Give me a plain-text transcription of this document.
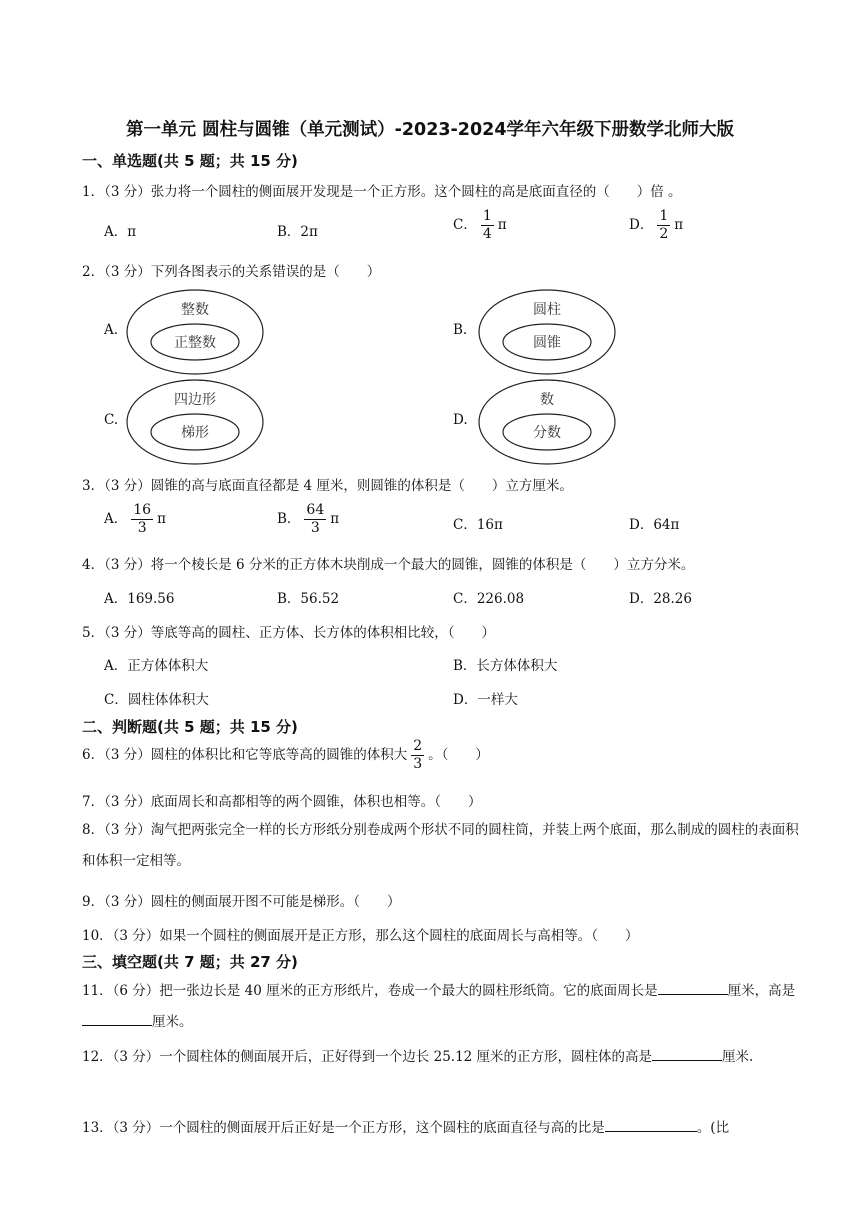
第一单元 圆柱与圆锥（单元测试）-2023-2024学年六年级下册数学北师大版
一、单选题(共 5 题；共 15 分)
1．（3 分）张力将一个圆柱的侧面展开发现是一个正方形。这个圆柱的高是底面直径的（　　）倍 。
A．π	B．2π	C． $\frac{1}{4}$ π	D． $\frac{1}{2}$ π
2．（3 分）下列各图表示的关系错误的是（　　）
A.
整数
正整数
B.
圆柱
圆锥
C.
四边形
梯形
D.
数
分数
3．（3 分）圆锥的高与底面直径都是 4 厘米，则圆锥的体积是（　　）立方厘米。
A． $\frac{16}{3}$ π	B． $\frac{64}{3}$ π	C．16π	D．64π
4．（3 分）将一个棱长是 6 分米的正方体木块削成一个最大的圆锥，圆锥的体积是（　　）立方分米。
A．169.56	B．56.52	C．226.08	D．28.26
5．（3 分）等底等高的圆柱、正方体、长方体的体积相比较，（　　）
A．正方体体积大	B．长方体体积大
C．圆柱体体积大	D．一样大
二、判断题(共 5 题；共 15 分)
6．（3 分）圆柱的体积比和它等底等高的圆锥的体积大 $\frac{2}{3}$ 。（　　）
7．（3 分）底面周长和高都相等的两个圆锥，体积也相等。（　　）
8．（3 分）淘气把两张完全一样的长方形纸分别卷成两个形状不同的圆柱筒，并装上两个底面，那么制成的圆柱的表面积和体积一定相等。
9．（3 分）圆柱的侧面展开图不可能是梯形。（　　）
10．（3 分）如果一个圆柱的侧面展开是正方形，那么这个圆柱的底面周长与高相等。（　　）
三、填空题(共 7 题；共 27 分)
11．（6 分）把一张边长是 40 厘米的正方形纸片，卷成一个最大的圆柱形纸筒。它的底面周长是	厘米，高是厘米。
12．（3 分）一个圆柱体的侧面展开后，正好得到一个边长 25.12 厘米的正方形，圆柱体的高是	厘米.
13．（3 分）一个圆柱的侧面展开后正好是一个正方形，这个圆柱的底面直径与高的比是	。(比
